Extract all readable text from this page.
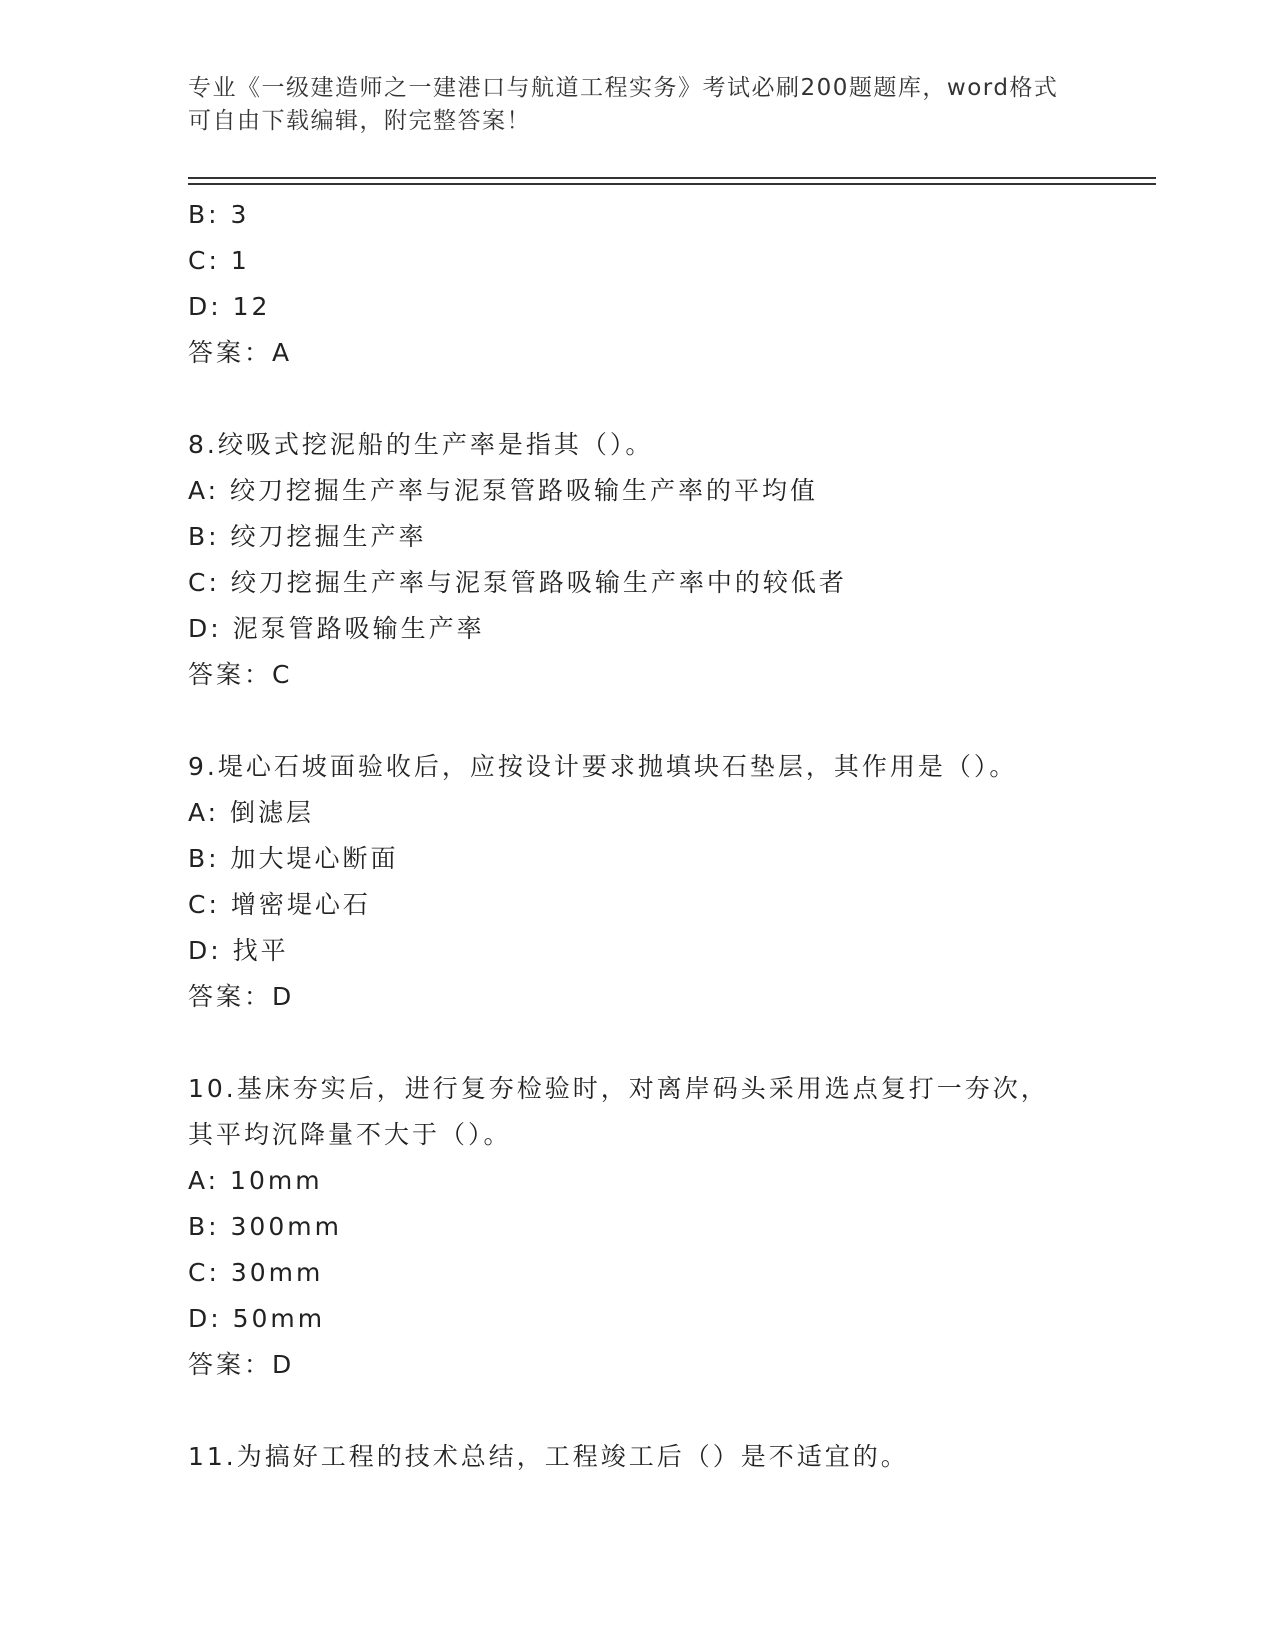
专业《一级建造师之一建港口与航道工程实务》考试必刷200题题库，word格式
可自由下载编辑，附完整答案！
B: 3
C: 1
D: 12
答案：A
8.绞吸式挖泥船的生产率是指其（）。
A: 绞刀挖掘生产率与泥泵管路吸输生产率的平均值
B: 绞刀挖掘生产率
C: 绞刀挖掘生产率与泥泵管路吸输生产率中的较低者
D: 泥泵管路吸输生产率
答案：C
9.堤心石坡面验收后，应按设计要求抛填块石垫层，其作用是（）。
A: 倒滤层
B: 加大堤心断面
C: 增密堤心石
D: 找平
答案：D
10.基床夯实后，进行复夯检验时，对离岸码头采用选点复打一夯次，
其平均沉降量不大于（）。
A: 10mm
B: 300mm
C: 30mm
D: 50mm
答案：D
11.为搞好工程的技术总结，工程竣工后（）是不适宜的。
